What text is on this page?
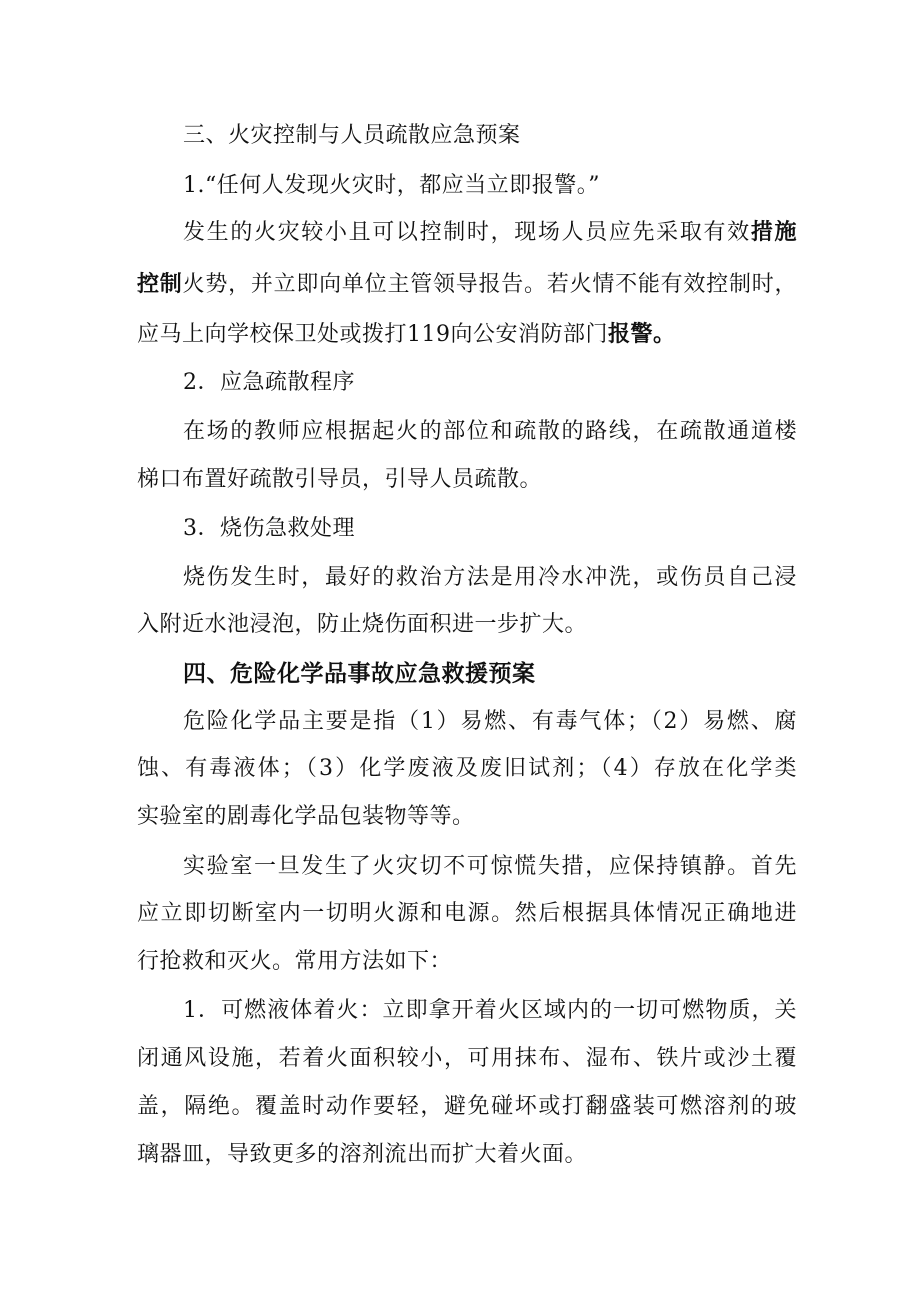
三、火灾控制与人员疏散应急预案
1.“任何人发现火灾时，都应当立即报警。”
发生的火灾较小且可以控制时，现场人员应先采取有效措施
控制火势，并立即向单位主管领导报告。若火情不能有效控制时，
应马上向学校保卫处或拨打119向公安消防部门报警。
2．应急疏散程序
在场的教师应根据起火的部位和疏散的路线，在疏散通道楼
梯口布置好疏散引导员，引导人员疏散。
3．烧伤急救处理
烧伤发生时，最好的救治方法是用冷水冲洗，或伤员自己浸
入附近水池浸泡，防止烧伤面积进一步扩大。
四、危险化学品事故应急救援预案
危险化学品主要是指（1）易燃、有毒气体；（2）易燃、腐
蚀、有毒液体；（3）化学废液及废旧试剂；（4）存放在化学类
实验室的剧毒化学品包装物等等。
实验室一旦发生了火灾切不可惊慌失措，应保持镇静。首先
应立即切断室内一切明火源和电源。然后根据具体情况正确地进
行抢救和灭火。常用方法如下：
1．可燃液体着火：立即拿开着火区域内的一切可燃物质，关
闭通风设施，若着火面积较小，可用抹布、湿布、铁片或沙土覆
盖，隔绝。覆盖时动作要轻，避免碰坏或打翻盛装可燃溶剂的玻
璃器皿，导致更多的溶剂流出而扩大着火面。
